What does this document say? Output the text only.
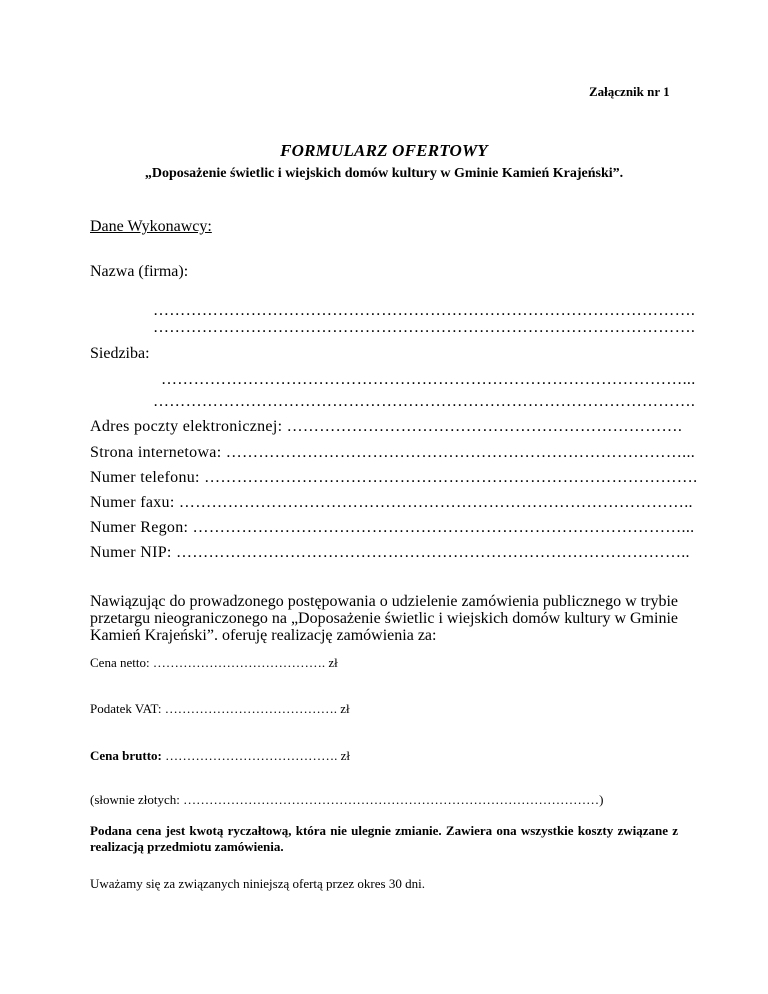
Załącznik nr 1
FORMULARZ OFERTOWY
„Doposażenie świetlic i wiejskich domów kultury w Gminie Kamień Krajeński”.
Dane Wykonawcy:
Nazwa (firma):
……………………………………………………………………………………….
……………………………………………………………………………………….
Siedziba:
……………………………………………………………………………………...
……………………………………………………………………………………….
Adres poczty elektronicznej: ……………………………………………………………….
Strona internetowa: …………………………………………………………………………...
Numer telefonu: ……………………………………………………………………………….
Numer faxu: …………………………………………………………………………………..
Numer Regon: ………………………………………………………………………………...
Numer NIP: …………………………………………………………………………………..
Nawiązując do prowadzonego postępowania o udzielenie zamówienia publicznego w trybie przetargu nieograniczonego na „Doposażenie świetlic i wiejskich domów kultury w Gminie Kamień Krajeński”. oferuję realizację zamówienia za:
Cena netto: …………………………………. zł
Podatek VAT: …………………………………. zł
Cena brutto: …………………………………. zł
(słownie złotych: ……………………………………………………………………………………)
Podana cena jest kwotą ryczałtową, która nie ulegnie zmianie. Zawiera ona wszystkie koszty związane z realizacją przedmiotu zamówienia.
Uważamy się za związanych niniejszą ofertą przez okres 30 dni.
